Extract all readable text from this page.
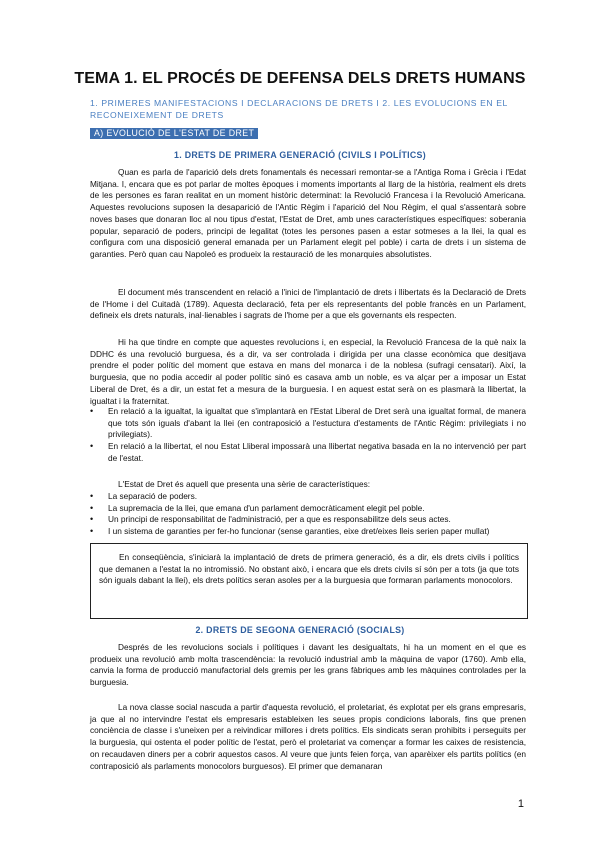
TEMA 1. EL PROCÉS DE DEFENSA DELS DRETS HUMANS
1. PRIMERES MANIFESTACIONS I DECLARACIONS DE DRETS I 2. LES EVOLUCIONS EN EL RECONEIXEMENT DE DRETS
A) EVOLUCIÓ DE L'ESTAT DE DRET
1. DRETS DE PRIMERA GENERACIÓ (CIVILS I POLÍTICS)

Quan es parla de l'aparició dels drets fonamentals és necessari remontar-se a l'Antiga Roma i Grècia i l'Edat Mitjana. I, encara que es pot parlar de moltes èpoques i moments importants al llarg de la història, realment els drets de les persones es faran realitat en un moment històric determinat: la Revolució Francesa i la Revolució Americana. Aquestes revolucions suposen la desaparició de l'Antic Règim i l'aparició del Nou Règim, el qual s'assentarà sobre noves bases que donaran lloc al nou tipus d'estat, l'Estat de Dret, amb unes característiques específiques: soberania popular, separació de poders, principi de legalitat (totes les persones pasen a estar sotmeses a la llei, la qual es configura com una disposició general emanada per un Parlament elegit pel poble) i carta de drets i un sistema de garanties. Però quan cau Napoleó es produeix la restauració de les monarquies absolutistes.

El document més transcendent en relació a l'inici de l'implantació de drets i llibertats és la Declaració de Drets de l'Home i del Cuitadà (1789). Aquesta declaració, feta per els representants del poble francès en un Parlament, defineix els drets naturals, inal·lienables i sagrats de l'home per a que els governants els respecten.

Hi ha que tindre en compte que aquestes revolucions i, en especial, la Revolució Francesa de la què naix la DDHC és una revolució burguesa, és a dir, va ser controlada i dirigida per una classe econòmica que desitjava prendre el poder polític del moment que estava en mans del monarca i de la noblesa (sufragi censatari). Així, la burguesia, que no podia accedir al poder polític sinó es casava amb un noble, es va alçar per a imposar un Estat Liberal de Dret, és a dir, un estat fet a mesura de la burguesia. I en aquest estat serà on es plasmarà la llibertat, la igualtat i la fraternitat.

• En relació a la igualtat, la igualtat que s'implantarà en l'Estat Liberal de Dret serà una igualtat formal, de manera que tots són iguals d'abant la llei (en contraposició a l'estuctura d'estaments de l'Antic Règim: privilegiats i no privilegiats).
• En relació a la llibertat, el nou Estat Lliberal impossarà una llibertat negativa basada en la no intervenció per part de l'estat.

L'Estat de Dret és aquell que presenta una sèrie de característiques:

• La separació de poders.
• La supremacia de la llei, que emana d'un parlament democràticament elegit pel poble.
• Un principi de responsabilitat de l'administració, per a que es responsabilitze dels seus actes.
• I un sistema de garanties per fer-ho funcionar (sense garanties, eixe dret/eixes lleis serien paper mullat)
En conseqüència, s'iniciarà la implantació de drets de primera generació, és a dir, els drets civils i polítics que demanen a l'estat la no intromissió. No obstant això, i encara que els drets civils sí són per a tots (ja que tots són iguals dabant la llei), els drets polítics seran asoles per a la burguesia que formaran parlaments monocolors.
2. DRETS DE SEGONA GENERACIÓ (SOCIALS)

Després de les revolucions socials i polítiques i davant les desigualtats, hi ha un moment en el que es produeix una revolució amb molta trascendència: la revolució industrial amb la màquina de vapor (1760). Amb ella, canvia la forma de producció manufactorial dels gremis per les grans fàbriques amb les màquines controlades per la burguesia.

La nova classe social nascuda a partir d'aquesta revolució, el proletariat, és explotat per els grans empresaris, ja que al no intervindre l'estat els empresaris estableixen les seues propis condicions laborals, fins que prenen conciència de classe i s'uneixen per a reivindicar millores i drets polítics. Els sindicats seran prohibits i perseguits per la burguesia, qui ostenta el poder polític de l'estat, però el proletariat va començar a formar les caixes de resistencia, on recaudaven diners per a cobrir aquestos casos. Al veure que junts feien força, van aparèixer els partits polítics (en contraposició als parlaments monocolors burguesos). El primer que demanaran

1
